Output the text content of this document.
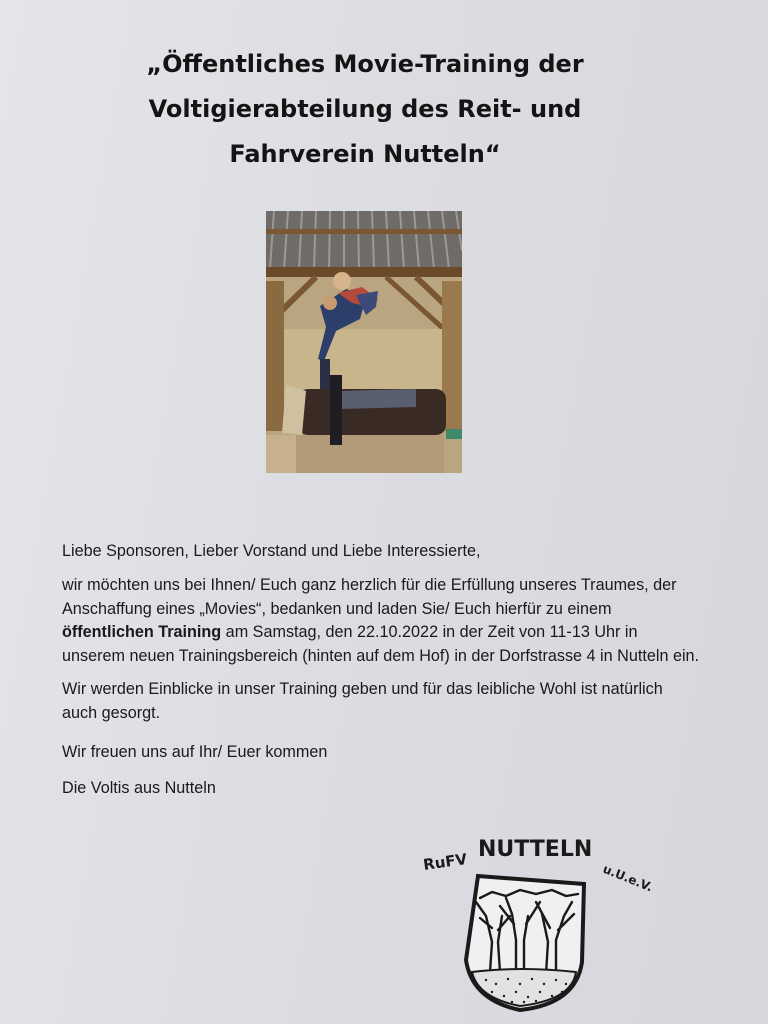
„Öffentliches Movie-Training der
Voltigierabteilung des Reit- und
Fahrverein Nutteln“

Liebe Sponsoren, Lieber Vorstand und Liebe Interessierte,

wir möchten uns bei Ihnen/ Euch ganz herzlich für die Erfüllung unseres Traumes, der Anschaffung eines „Movies“, bedanken und laden Sie/ Euch hierfür zu einem öffentlichen Training am Samstag, den 22.10.2022 in der Zeit von 11-13 Uhr in unserem neuen Trainingsbereich (hinten auf dem Hof) in der Dorfstrasse 4 in Nutteln ein.

Wir werden Einblicke in unser Training geben und für das leibliche Wohl ist natürlich auch gesorgt.

Wir freuen uns auf Ihr/ Euer kommen

Die Voltis aus Nutteln

RuFV NUTTELN
u.U.e.V.
